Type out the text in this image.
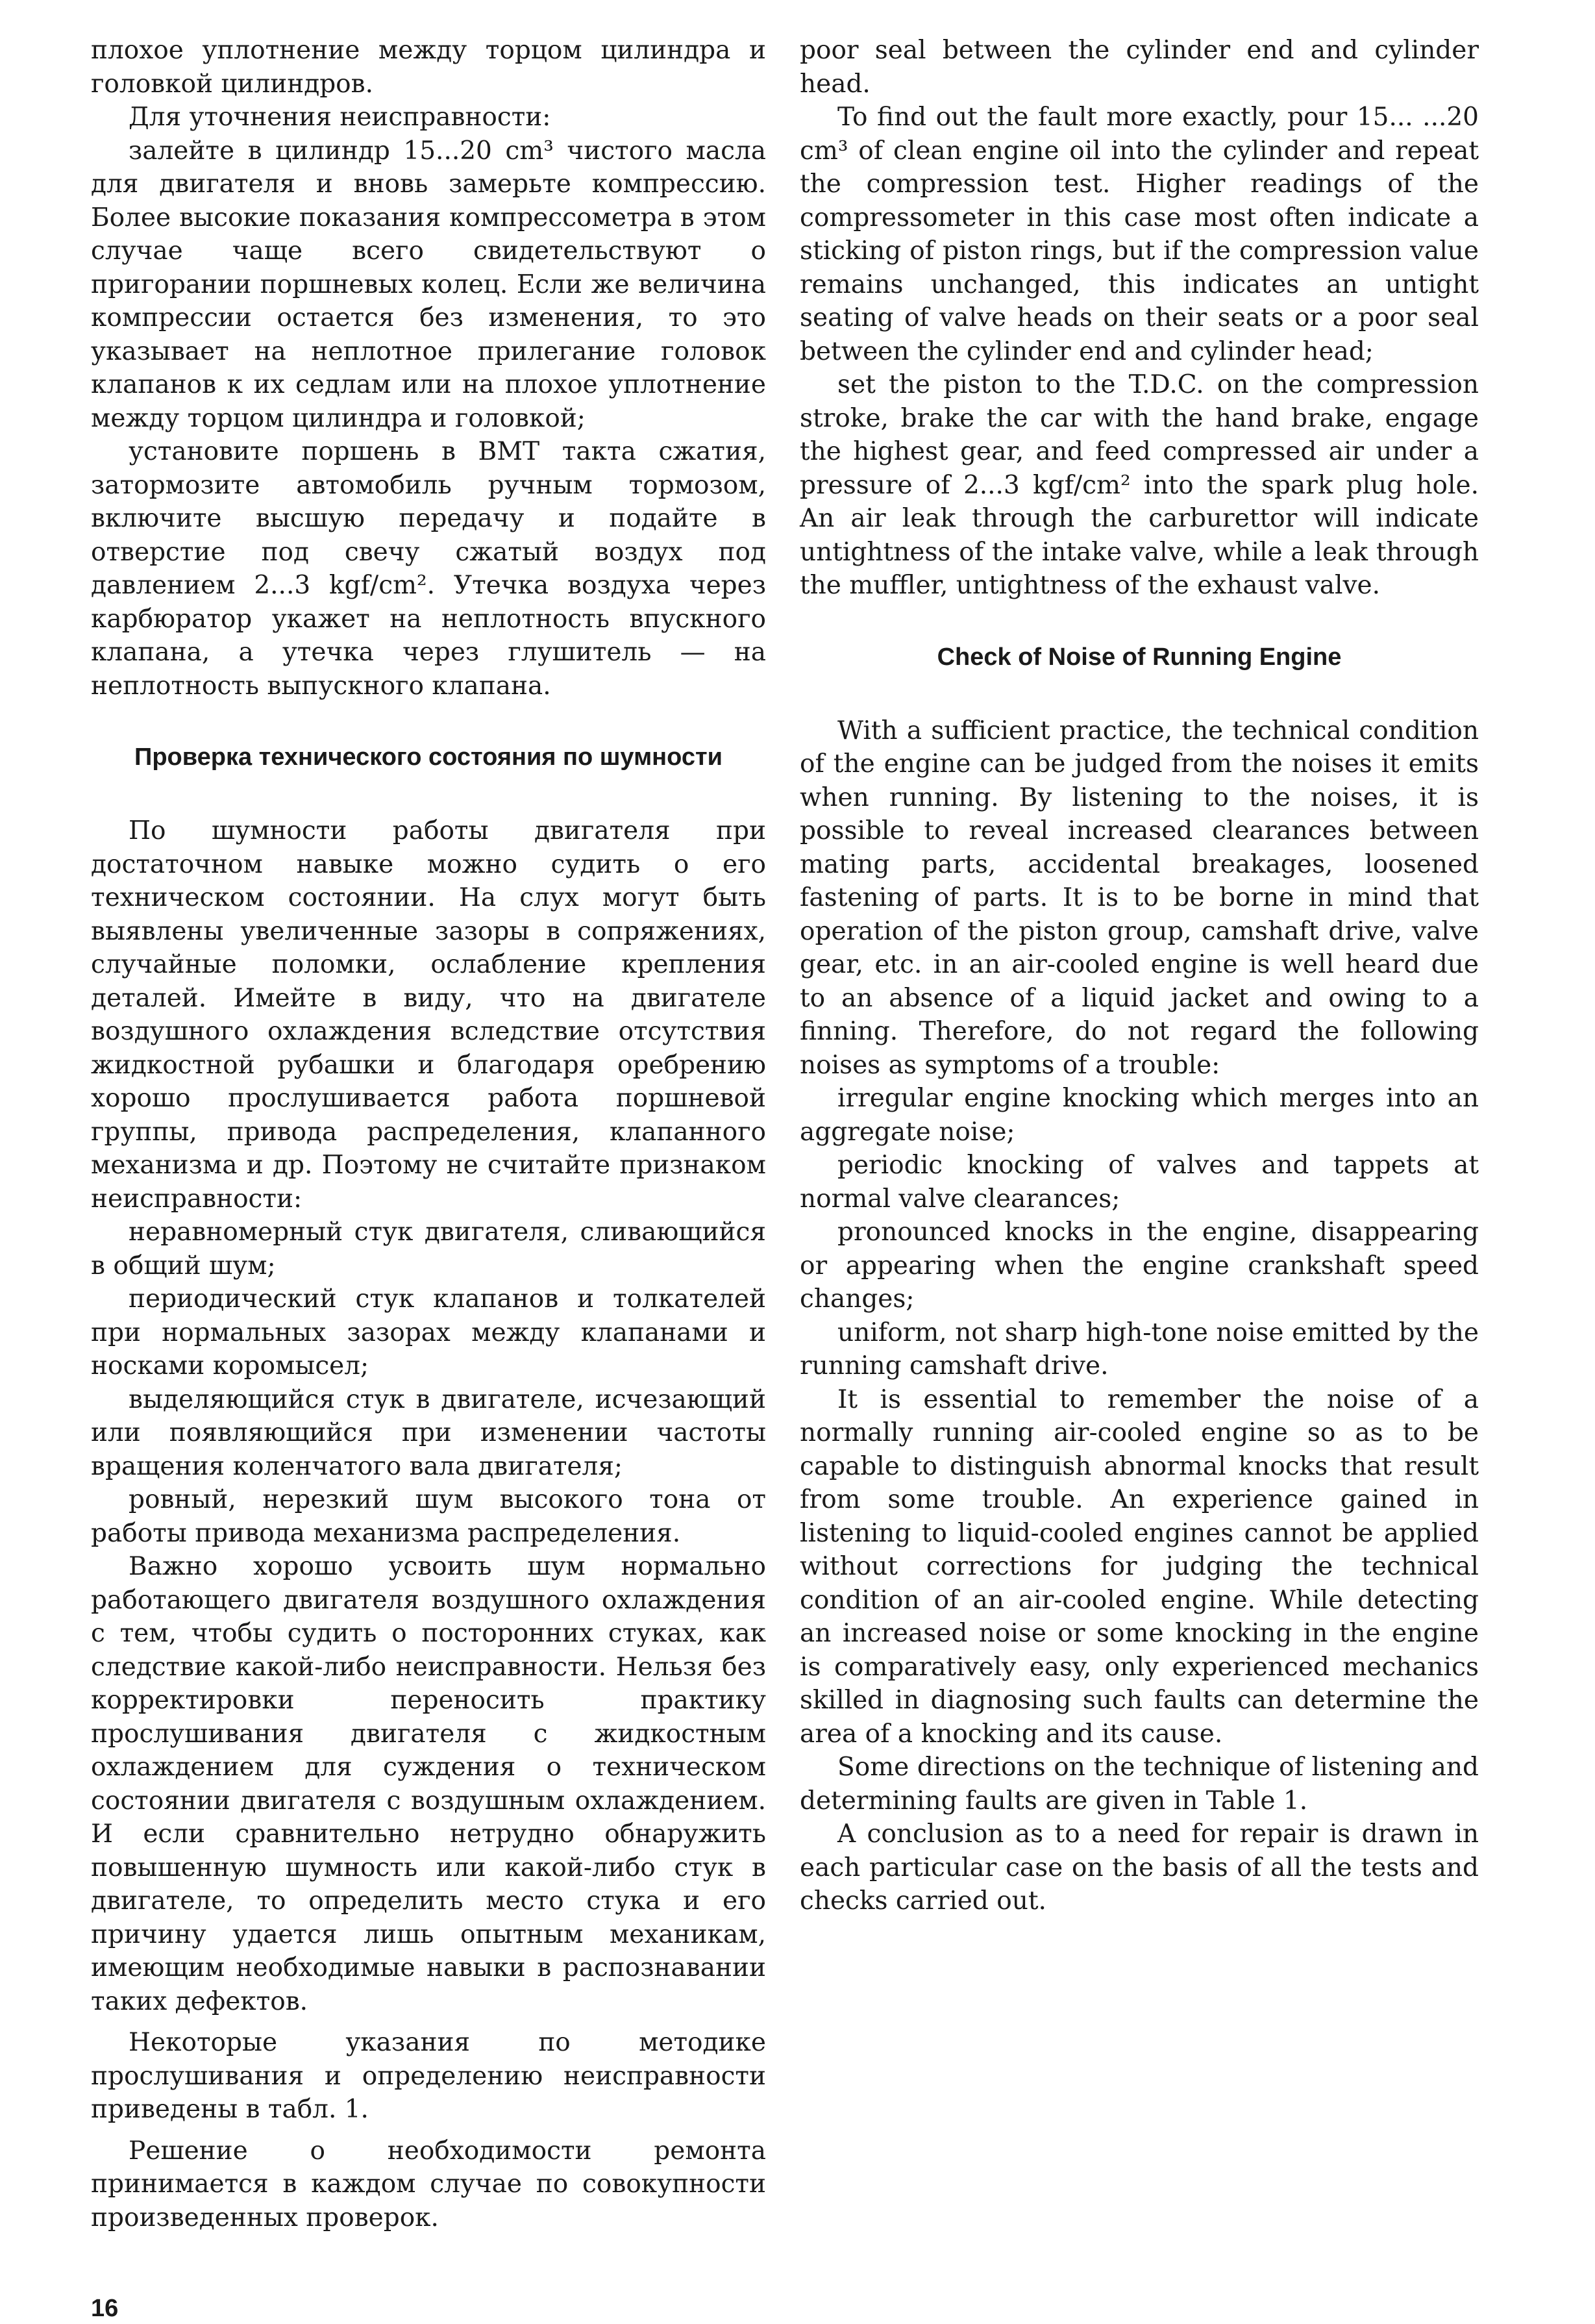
плохое уплотнение между торцом цилиндра и головкой цилиндров.

Для уточнения неисправности:

залейте в цилиндр 15...20 cm³ чистого масла для двигателя и вновь замерьте компрессию. Более высокие показания компрессометра в этом случае чаще всего свидетельствуют о пригорании поршневых колец. Если же величина компрессии остается без изменения, то это указывает на неплотное прилегание головок клапанов к их седлам или на плохое уплотнение между торцом цилиндра и головкой;

установите поршень в ВМТ такта сжатия, затормозите автомобиль ручным тормозом, включите высшую передачу и подайте в отверстие под свечу сжатый воздух под давлением 2...3 kgf/cm². Утечка воздуха через карбюратор укажет на неплотность впускного клапана, а утечка через глушитель — на неплотность выпускного клапана.

Проверка технического состояния по шумности

По шумности работы двигателя при достаточном навыке можно судить о его техническом состоянии. На слух могут быть выявлены увеличенные зазоры в сопряжениях, случайные поломки, ослабление крепления деталей. Имейте в виду, что на двигателе воздушного охлаждения вследствие отсутствия жидкостной рубашки и благодаря оребрению хорошо прослушивается работа поршневой группы, привода распределения, клапанного механизма и др. Поэтому не считайте признаком неисправности:

неравномерный стук двигателя, сливающийся в общий шум;

периодический стук клапанов и толкателей при нормальных зазорах между клапанами и носками коромысел;

выделяющийся стук в двигателе, исчезающий или появляющийся при изменении частоты вращения коленчатого вала двигателя;

ровный, нерезкий шум высокого тона от работы привода механизма распределения.

Важно хорошо усвоить шум нормально работающего двигателя воздушного охлаждения с тем, чтобы судить о посторонних стуках, как следствие какой-либо неисправности. Нельзя без корректировки переносить практику прослушивания двигателя с жидкостным охлаждением для суждения о техническом состоянии двигателя с воздушным охлаждением. И если сравнительно нетрудно обнаружить повышенную шумность или какой-либо стук в двигателе, то определить место стука и его причину удается лишь опытным механикам, имеющим необходимые навыки в распознавании таких дефектов.

Некоторые указания по методике прослушивания и определению неисправности приведены в табл. 1.

Решение о необходимости ремонта принимается в каждом случае по совокупности произведенных проверок.

16

poor seal between the cylinder end and cylinder head.

To find out the fault more exactly, pour 15... ...20 cm³ of clean engine oil into the cylinder and repeat the compression test. Higher readings of the compressometer in this case most often indicate a sticking of piston rings, but if the compression value remains unchanged, this indicates an untight seating of valve heads on their seats or a poor seal between the cylinder end and cylinder head;

set the piston to the T.D.C. on the compression stroke, brake the car with the hand brake, engage the highest gear, and feed compressed air under a pressure of 2...3 kgf/cm² into the spark plug hole. An air leak through the carburettor will indicate untightness of the intake valve, while a leak through the muffler, untightness of the exhaust valve.

Check of Noise of Running Engine

With a sufficient practice, the technical condition of the engine can be judged from the noises it emits when running. By listening to the noises, it is possible to reveal increased clearances between mating parts, accidental breakages, loosened fastening of parts. It is to be borne in mind that operation of the piston group, camshaft drive, valve gear, etc. in an air-cooled engine is well heard due to an absence of a liquid jacket and owing to a finning. Therefore, do not regard the following noises as symptoms of a trouble:

irregular engine knocking which merges into an aggregate noise;

periodic knocking of valves and tappets at normal valve clearances;

pronounced knocks in the engine, disappearing or appearing when the engine crankshaft speed changes;

uniform, not sharp high-tone noise emitted by the running camshaft drive.

It is essential to remember the noise of a normally running air-cooled engine so as to be capable to distinguish abnormal knocks that result from some trouble. An experience gained in listening to liquid-cooled engines cannot be applied without corrections for judging the technical condition of an air-cooled engine. While detecting an increased noise or some knocking in the engine is comparatively easy, only experienced mechanics skilled in diagnosing such faults can determine the area of a knocking and its cause.

Some directions on the technique of listening and determining faults are given in Table 1.

A conclusion as to a need for repair is drawn in each particular case on the basis of all the tests and checks carried out.
